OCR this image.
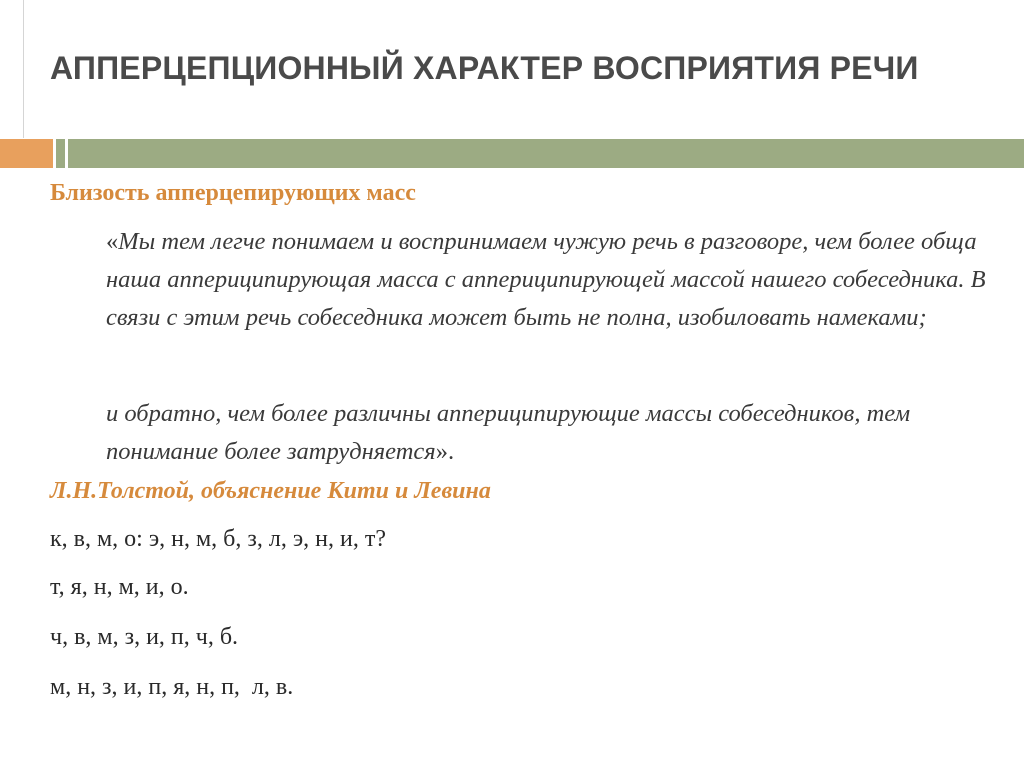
АППЕРЦЕПЦИОННЫЙ ХАРАКТЕР ВОСПРИЯТИЯ РЕЧИ
Близость апперцепирующих масс

«Мы тем легче понимаем и воспринимаем чужую речь в разговоре, чем более обща наша аппериципирующая масса с аппериципирующей массой нашего собеседника. В связи с этим речь собеседника может быть не полна, изобиловать намеками;

и обратно, чем более различны аппериципирующие массы собеседников, тем понимание более затрудняется».

Л.Н.Толстой, объяснение Кити и Левина

к, в, м, о: э, н, м, б, з, л, э, н, и, т?

т, я, н, м, и, о.

ч, в, м, з, и, п, ч, б.

м, н, з, и, п, я, н, п,  л, в.
